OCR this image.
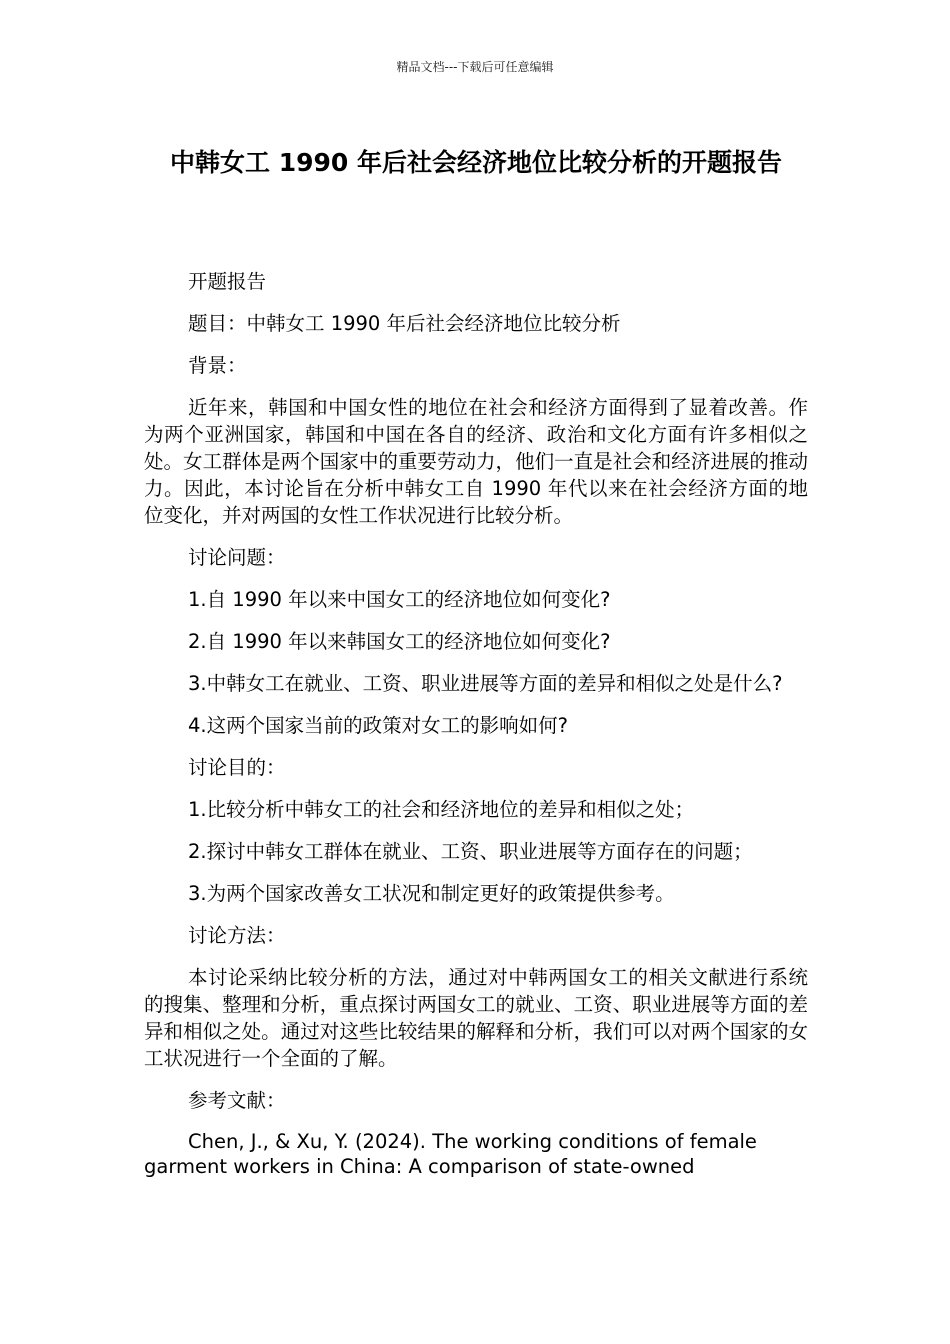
精品文档---下载后可任意编辑
中韩女工 1990 年后社会经济地位比较分析的开题报告

开题报告

题目：中韩女工 1990 年后社会经济地位比较分析

背景：

近年来，韩国和中国女性的地位在社会和经济方面得到了显着改善。作为两个亚洲国家，韩国和中国在各自的经济、政治和文化方面有许多相似之处。女工群体是两个国家中的重要劳动力，他们一直是社会和经济进展的推动力。因此，本讨论旨在分析中韩女工自 1990 年代以来在社会经济方面的地位变化，并对两国的女性工作状况进行比较分析。

讨论问题：

1.自 1990 年以来中国女工的经济地位如何变化?

2.自 1990 年以来韩国女工的经济地位如何变化?

3.中韩女工在就业、工资、职业进展等方面的差异和相似之处是什么?

4.这两个国家当前的政策对女工的影响如何?

讨论目的：

1.比较分析中韩女工的社会和经济地位的差异和相似之处；

2.探讨中韩女工群体在就业、工资、职业进展等方面存在的问题；

3.为两个国家改善女工状况和制定更好的政策提供参考。

讨论方法：

本讨论采纳比较分析的方法，通过对中韩两国女工的相关文献进行系统的搜集、整理和分析，重点探讨两国女工的就业、工资、职业进展等方面的差异和相似之处。通过对这些比较结果的解释和分析，我们可以对两个国家的女工状况进行一个全面的了解。

参考文献：

Chen, J., & Xu, Y. (2024). The working conditions of female garment workers in China: A comparison of state-owned
